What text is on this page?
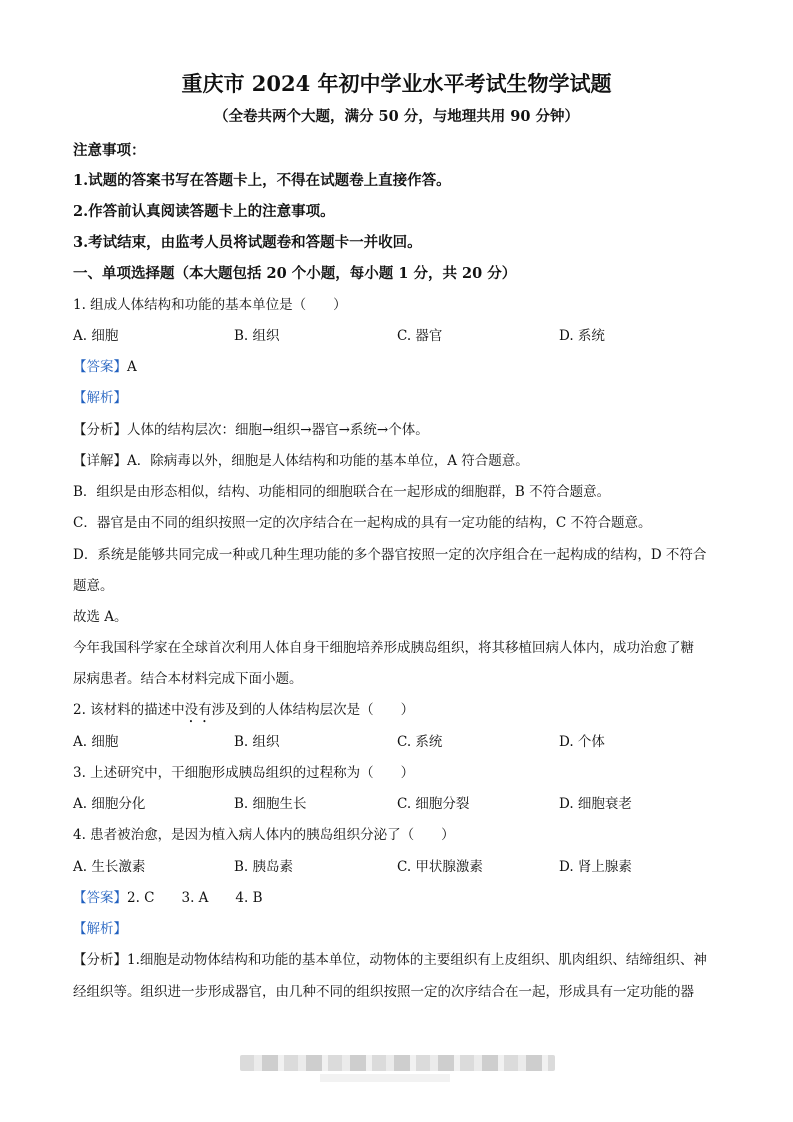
重庆市 2024 年初中学业水平考试生物学试题
（全卷共两个大题，满分 50 分，与地理共用 90 分钟）
注意事项：
1.试题的答案书写在答题卡上，不得在试题卷上直接作答。
2.作答前认真阅读答题卡上的注意事项。
3.考试结束，由监考人员将试题卷和答题卡一并收回。
一、单项选择题（本大题包括 20 个小题，每小题 1 分，共 20 分）
1. 组成人体结构和功能的基本单位是（　　）
A. 细胞	B. 组织	C. 器官	D. 系统
【答案】A
【解析】
【分析】人体的结构层次：细胞→组织→器官→系统→个体。
【详解】A．除病毒以外，细胞是人体结构和功能的基本单位，A 符合题意。
B．组织是由形态相似，结构、功能相同的细胞联合在一起形成的细胞群，B 不符合题意。
C．器官是由不同的组织按照一定的次序结合在一起构成的具有一定功能的结构，C 不符合题意。
D．系统是能够共同完成一种或几种生理功能的多个器官按照一定的次序组合在一起构成的结构，D 不符合
题意。
故选 A。
今年我国科学家在全球首次利用人体自身干细胞培养形成胰岛组织，将其移植回病人体内，成功治愈了糖
尿病患者。结合本材料完成下面小题。
2. 该材料的描述中没有涉及到的人体结构层次是（　　）
A. 细胞	B. 组织	C. 系统	D. 个体
3. 上述研究中，干细胞形成胰岛组织的过程称为（　　）
A. 细胞分化	B. 细胞生长	C. 细胞分裂	D. 细胞衰老
4. 患者被治愈，是因为植入病人体内的胰岛组织分泌了（　　）
A. 生长激素	B. 胰岛素	C. 甲状腺激素	D. 肾上腺素
【答案】2. C　　3. A　　4. B
【解析】
【分析】1.细胞是动物体结构和功能的基本单位，动物体的主要组织有上皮组织、肌肉组织、结缔组织、神
经组织等。组织进一步形成器官，由几种不同的组织按照一定的次序结合在一起，形成具有一定功能的器
